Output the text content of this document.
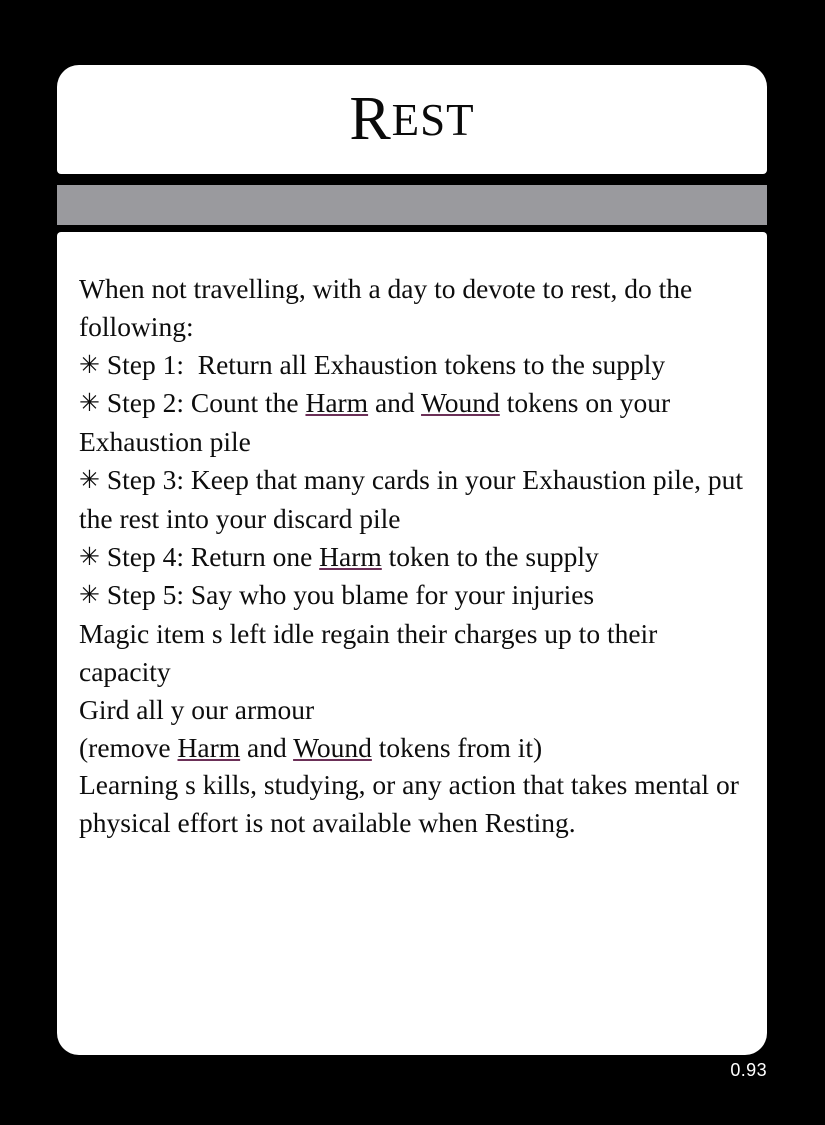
R EST
When not travelling, with a day to devote to rest, do the following:
✳ Step 1:  Return all Exhaustion tokens to the supply
✳ Step 2: Count the Harm and Wound tokens on your Exhaustion pile
✳ Step 3: Keep that many cards in your Exhaustion pile, put the rest into your discard pile
✳ Step 4: Return one Harm token to the supply
✳ Step 5: Say who you blame for your injuries
Magic item s left idle regain their charges up to their capacity
Gird all y our armour
(remove Harm and Wound tokens from it)
Learning s kills, studying, or any action that takes mental or physical effort is not available when Resting.
0.93
